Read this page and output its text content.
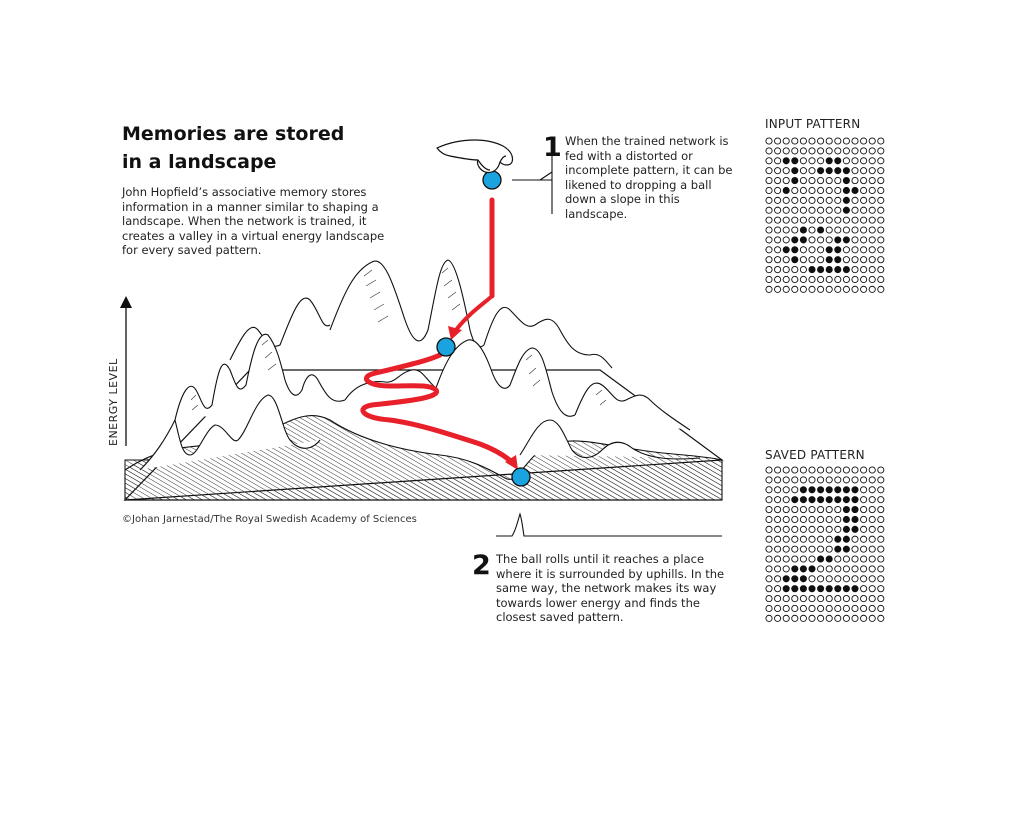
Memories are stored
in a landscape
John Hopfield’s associative memory stores information in a manner similar to shaping a landscape. When the network is trained, it creates a valley in a virtual energy landscape for every saved pattern.
ENERGY LEVEL
1 When the trained network is fed with a distorted or incomplete pattern, it can be likened to dropping a ball down a slope in this landscape.
2 The ball rolls until it reaches a place where it is surrounded by uphills. In the same way, the network makes its way towards lower energy and finds the closest saved pattern.
©Johan Jarnestad/The Royal Swedish Academy of Sciences
INPUT PATTERN
SAVED PATTERN
